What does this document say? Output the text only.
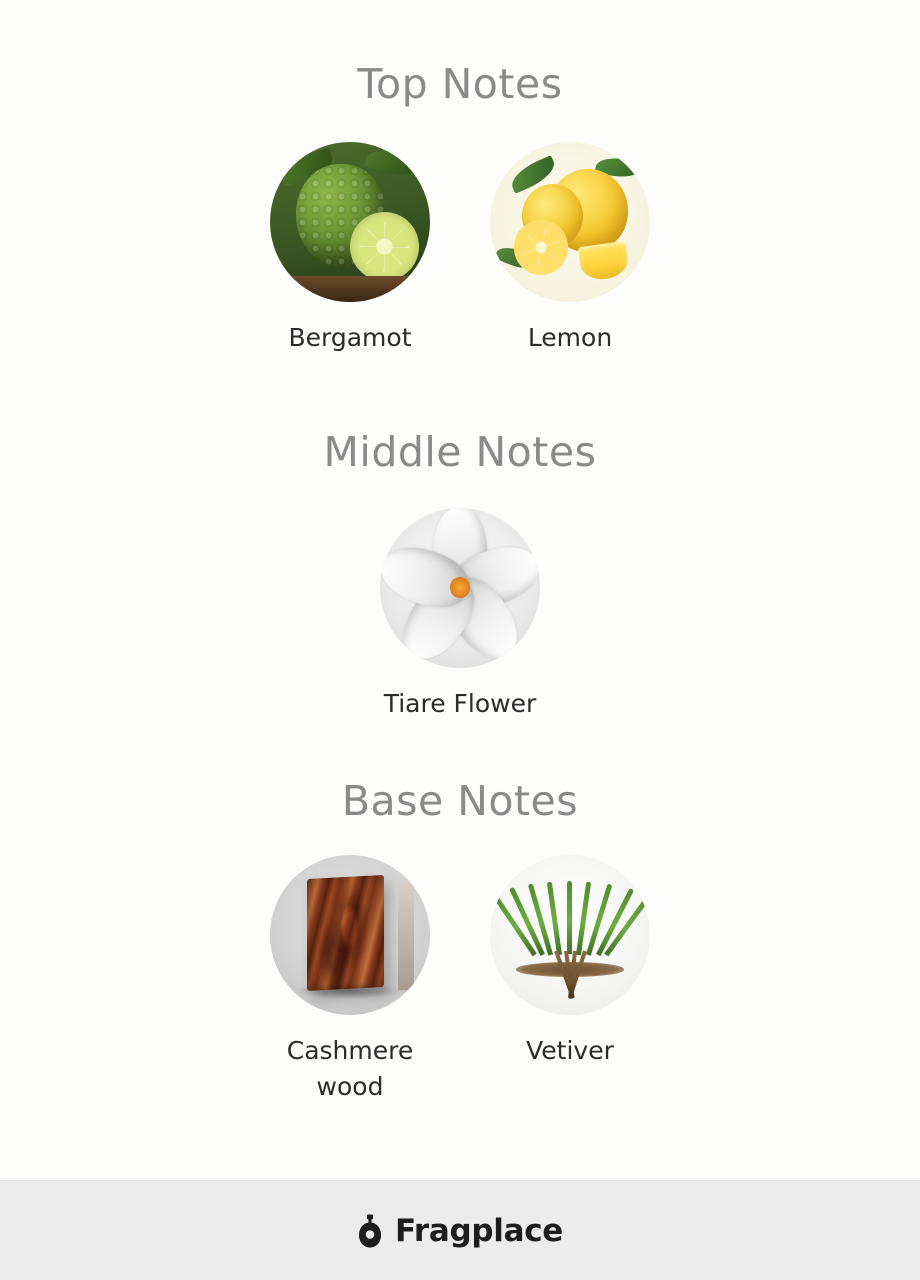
Top Notes
Bergamot	Lemon
Middle Notes
Tiare Flower
Base Notes
Cashmere wood
Vetiver
Fragplace
